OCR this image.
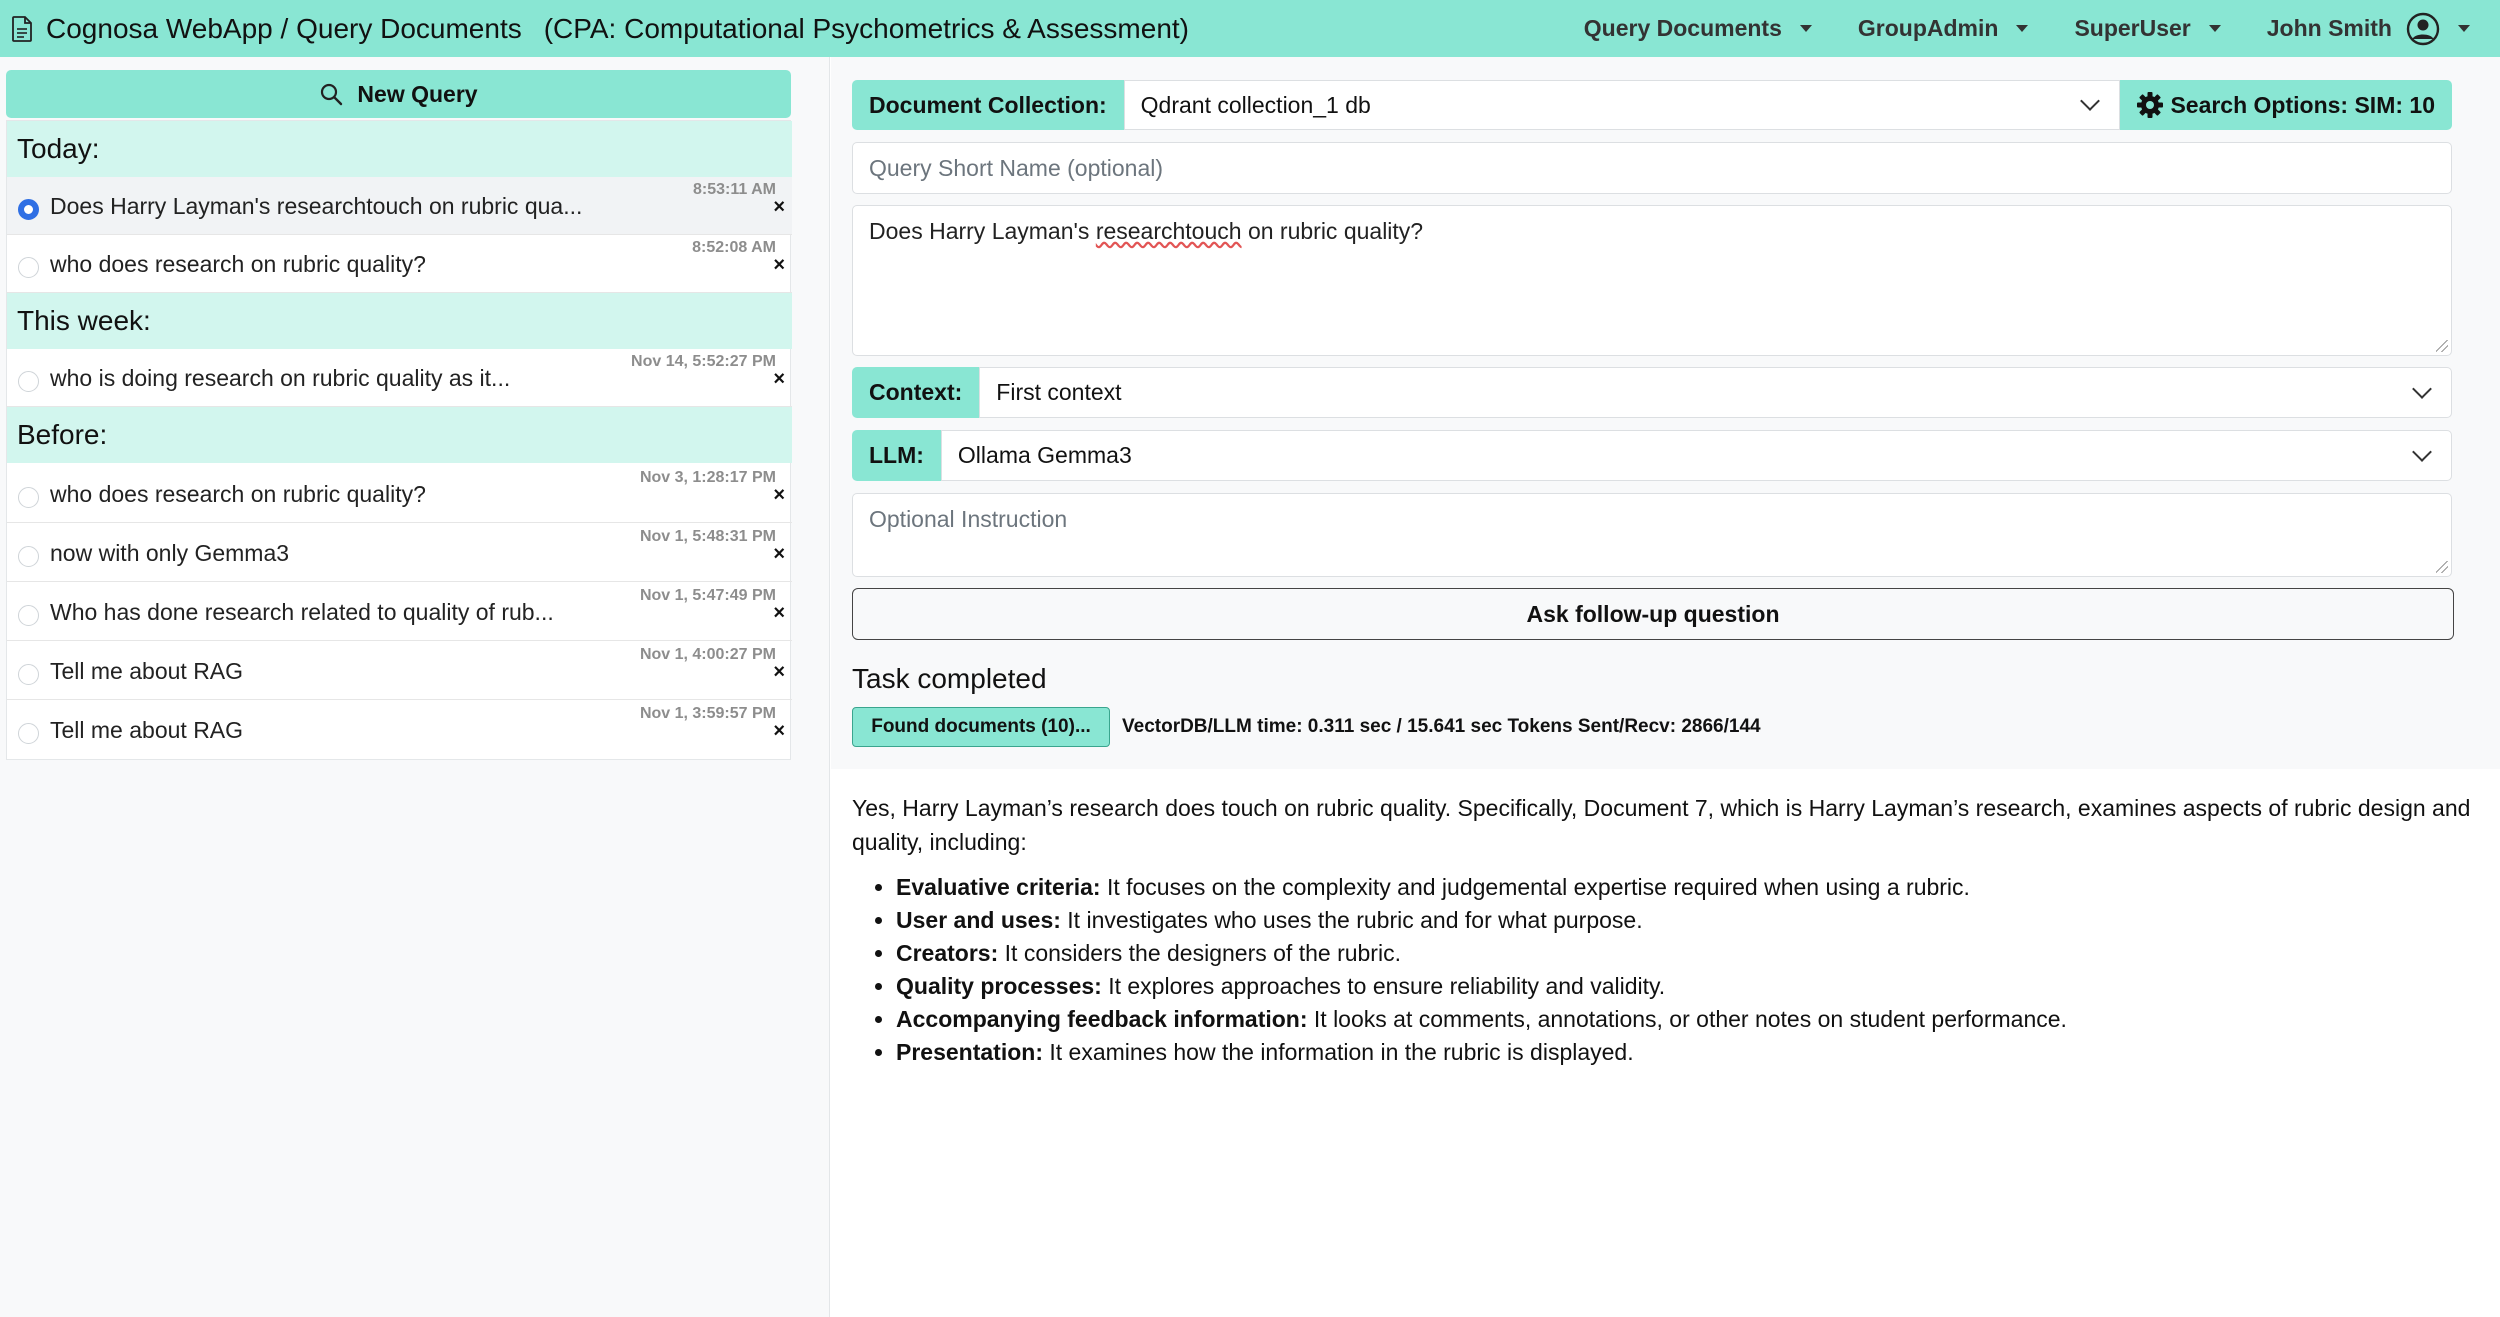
Cognosa WebApp / Query Documents (CPA: Computational Psychometrics & Assessment)	Query Documents	GroupAdmin	SuperUser	John Smith
New Query
Today:
Does Harry Layman's researchtouch on rubric qua...
8:53:11 AM
×
who does research on rubric quality?
8:52:08 AM
×
This week:
who is doing research on rubric quality as it...
Nov 14, 5:52:27 PM
×
Before:
who does research on rubric quality?
Nov 3, 1:28:17 PM
×
now with only Gemma3
Nov 1, 5:48:31 PM
×
Who has done research related to quality of rub...
Nov 1, 5:47:49 PM
×
Tell me about RAG
Nov 1, 4:00:27 PM
×
Tell me about RAG
Nov 1, 3:59:57 PM
×
Document Collection:	Qdrant collection_1 db	Search Options: SIM: 10
Query Short Name (optional)
Does Harry Layman's researchtouch on rubric quality?
Context:	First context
LLM:	Ollama Gemma3
Optional Instruction
Ask follow-up question
Task completed
Found documents (10)...	VectorDB/LLM time: 0.311 sec / 15.641 sec Tokens Sent/Recv: 2866/144

Yes, Harry Layman’s research does touch on rubric quality. Specifically, Document 7, which is Harry Layman’s research, examines aspects of rubric design and quality, including:

• Evaluative criteria: It focuses on the complexity and judgemental expertise required when using a rubric.
• User and uses: It investigates who uses the rubric and for what purpose.
• Creators: It considers the designers of the rubric.
• Quality processes: It explores approaches to ensure reliability and validity.
• Accompanying feedback information: It looks at comments, annotations, or other notes on student performance.
• Presentation: It examines how the information in the rubric is displayed.
